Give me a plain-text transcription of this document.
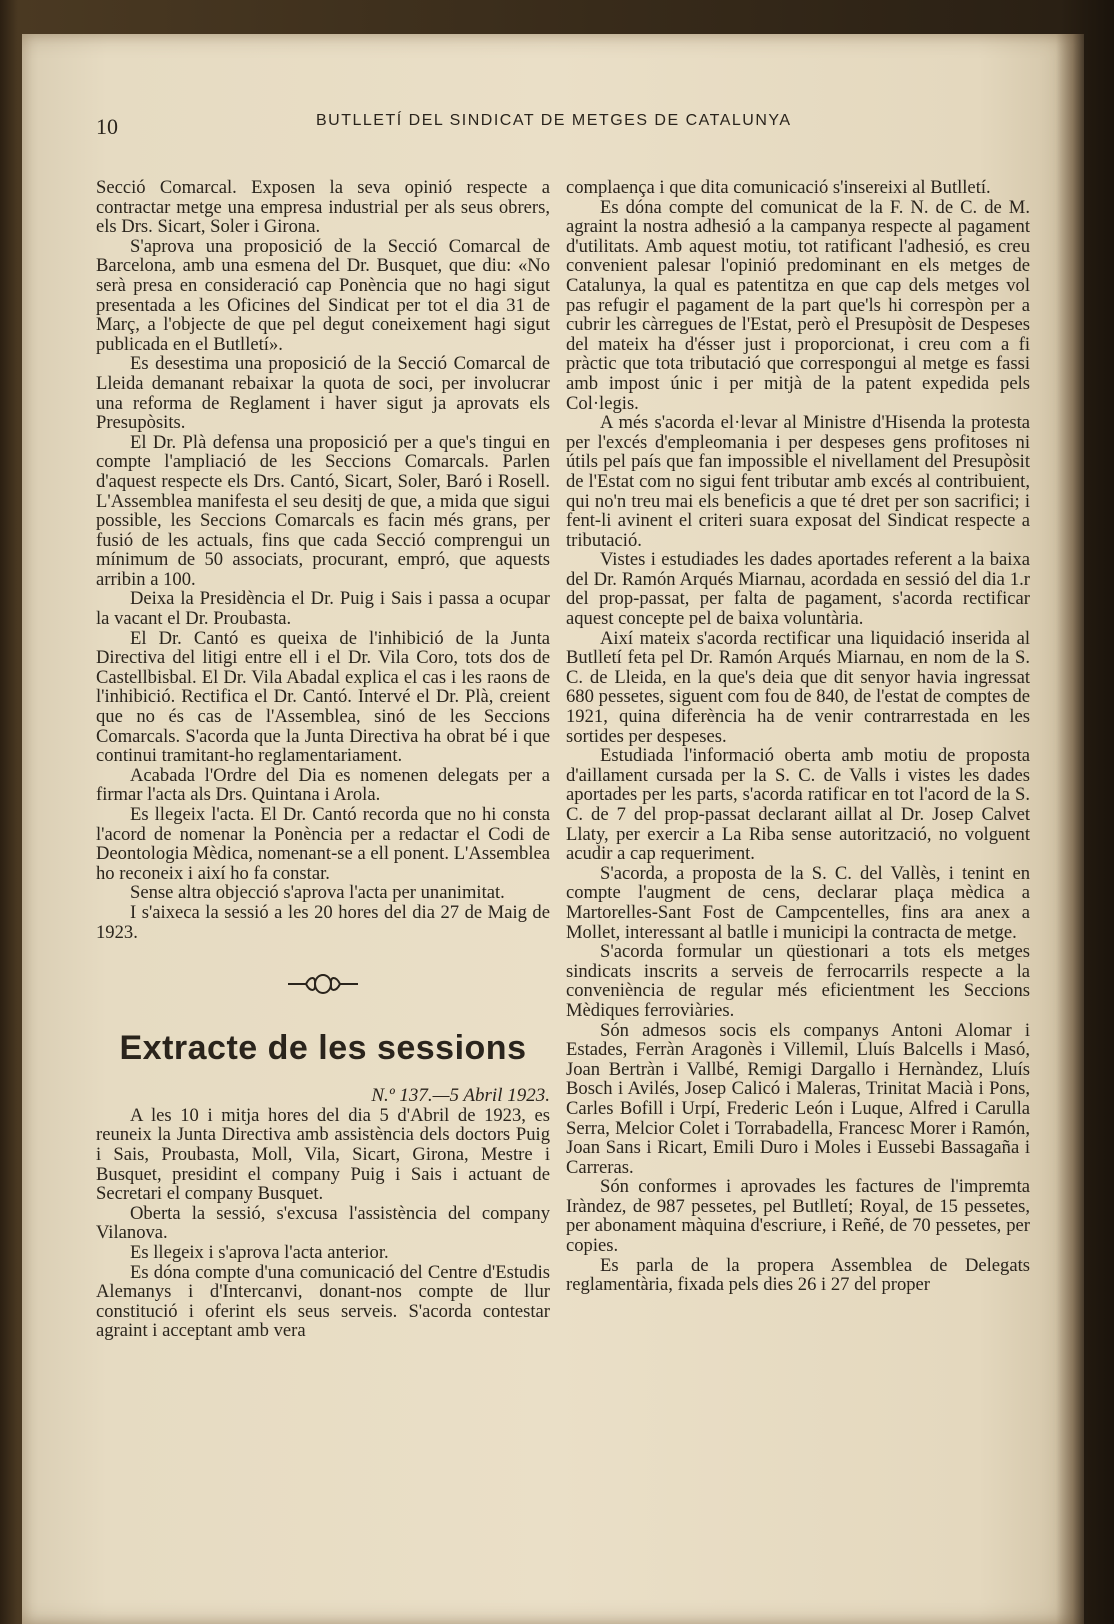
10	BUTLLETÍ DEL SINDICAT DE METGES DE CATALUNYA

Secció Comarcal. Exposen la seva opinió respecte a contractar metge una empresa industrial per als seus obrers, els Drs. Sicart, Soler i Girona.

S'aprova una proposició de la Secció Comarcal de Barcelona, amb una esmena del Dr. Busquet, que diu: «No serà presa en consideració cap Ponència que no hagi sigut presentada a les Oficines del Sindicat per tot el dia 31 de Març, a l'objecte de que pel degut coneixement hagi sigut publicada en el Butlletí».

Es desestima una proposició de la Secció Comarcal de Lleida demanant rebaixar la quota de soci, per involucrar una reforma de Reglament i haver sigut ja aprovats els Presupòsits.

El Dr. Plà defensa una proposició per a que's tingui en compte l'ampliació de les Seccions Comarcals. Parlen d'aquest respecte els Drs. Cantó, Sicart, Soler, Baró i Rosell. L'Assemblea manifesta el seu desitj de que, a mida que sigui possible, les Seccions Comarcals es facin més grans, per fusió de les actuals, fins que cada Secció comprengui un mínimum de 50 associats, procurant, empró, que aquests arribin a 100.

Deixa la Presidència el Dr. Puig i Sais i passa a ocupar la vacant el Dr. Proubasta.

El Dr. Cantó es queixa de l'inhibició de la Junta Directiva del litigi entre ell i el Dr. Vila Coro, tots dos de Castellbisbal. El Dr. Vila Abadal explica el cas i les raons de l'inhibició. Rectifica el Dr. Cantó. Intervé el Dr. Plà, creient que no és cas de l'Assemblea, sinó de les Seccions Comarcals. S'acorda que la Junta Directiva ha obrat bé i que continui tramitant-ho reglamentariament.

Acabada l'Ordre del Dia es nomenen delegats per a firmar l'acta als Drs. Quintana i Arola.

Es llegeix l'acta. El Dr. Cantó recorda que no hi consta l'acord de nomenar la Ponència per a redactar el Codi de Deontologia Mèdica, nomenant-se a ell ponent. L'Assemblea ho reconeix i així ho fa constar.

Sense altra objecció s'aprova l'acta per unanimitat.

I s'aixeca la sessió a les 20 hores del dia 27 de Maig de 1923.

Extracte de les sessions

N.º 137.—5 Abril 1923.

A les 10 i mitja hores del dia 5 d'Abril de 1923, es reuneix la Junta Directiva amb assistència dels doctors Puig i Sais, Proubasta, Moll, Vila, Sicart, Girona, Mestre i Busquet, presidint el company Puig i Sais i actuant de Secretari el company Busquet.

Oberta la sessió, s'excusa l'assistència del company Vilanova.

Es llegeix i s'aprova l'acta anterior.

Es dóna compte d'una comunicació del Centre d'Estudis Alemanys i d'Intercanvi, donant-nos compte de llur constitució i oferint els seus serveis. S'acorda contestar agraint i acceptant amb vera

complaença i que dita comunicació s'insereixi al Butlletí.

Es dóna compte del comunicat de la F. N. de C. de M. agraint la nostra adhesió a la campanya respecte al pagament d'utilitats. Amb aquest motiu, tot ratificant l'adhesió, es creu convenient palesar l'opinió predominant en els metges de Catalunya, la qual es patentitza en que cap dels metges vol pas refugir el pagament de la part que'ls hi correspòn per a cubrir les càrregues de l'Estat, però el Presupòsit de Despeses del mateix ha d'ésser just i proporcionat, i creu com a fi pràctic que tota tributació que correspongui al metge es fassi amb impost únic i per mitjà de la patent expedida pels Col·legis.

A més s'acorda el·levar al Ministre d'Hisenda la protesta per l'excés d'empleomania i per despeses gens profitoses ni útils pel país que fan impossible el nivellament del Presupòsit de l'Estat com no sigui fent tributar amb excés al contribuient, qui no'n treu mai els beneficis a que té dret per son sacrifici; i fent-li avinent el criteri suara exposat del Sindicat respecte a tributació.

Vistes i estudiades les dades aportades referent a la baixa del Dr. Ramón Arqués Miarnau, acordada en sessió del dia 1.r del prop-passat, per falta de pagament, s'acorda rectificar aquest concepte pel de baixa voluntària.

Així mateix s'acorda rectificar una liquidació inserida al Butlletí feta pel Dr. Ramón Arqués Miarnau, en nom de la S. C. de Lleida, en la que's deia que dit senyor havia ingressat 680 pessetes, siguent com fou de 840, de l'estat de comptes de 1921, quina diferència ha de venir contrarrestada en les sortides per despeses.

Estudiada l'informació oberta amb motiu de proposta d'aillament cursada per la S. C. de Valls i vistes les dades aportades per les parts, s'acorda ratificar en tot l'acord de la S. C. de 7 del prop-passat declarant aillat al Dr. Josep Calvet Llaty, per exercir a La Riba sense autorització, no volguent acudir a cap requeriment.

S'acorda, a proposta de la S. C. del Vallès, i tenint en compte l'augment de cens, declarar plaça mèdica a Martorelles-Sant Fost de Campcentelles, fins ara anex a Mollet, interessant al batlle i municipi la contracta de metge.

S'acorda formular un qüestionari a tots els metges sindicats inscrits a serveis de ferrocarrils respecte a la conveniència de regular més eficientment les Seccions Mèdiques ferroviàries.

Són admesos socis els companys Antoni Alomar i Estades, Ferràn Aragonès i Villemil, Lluís Balcells i Masó, Joan Bertràn i Vallbé, Remigi Dargallo i Hernàndez, Lluís Bosch i Avilés, Josep Calicó i Maleras, Trinitat Macià i Pons, Carles Bofill i Urpí, Frederic León i Luque, Alfred i Carulla Serra, Melcior Colet i Torrabadella, Francesc Morer i Ramón, Joan Sans i Ricart, Emili Duro i Moles i Eussebi Bassagaña i Carreras.

Són conformes i aprovades les factures de l'impremta Iràndez, de 987 pessetes, pel Butlletí; Royal, de 15 pessetes, per abonament màquina d'escriure, i Reñé, de 70 pessetes, per copies.

Es parla de la propera Assemblea de Delegats reglamentària, fixada pels dies 26 i 27 del proper
